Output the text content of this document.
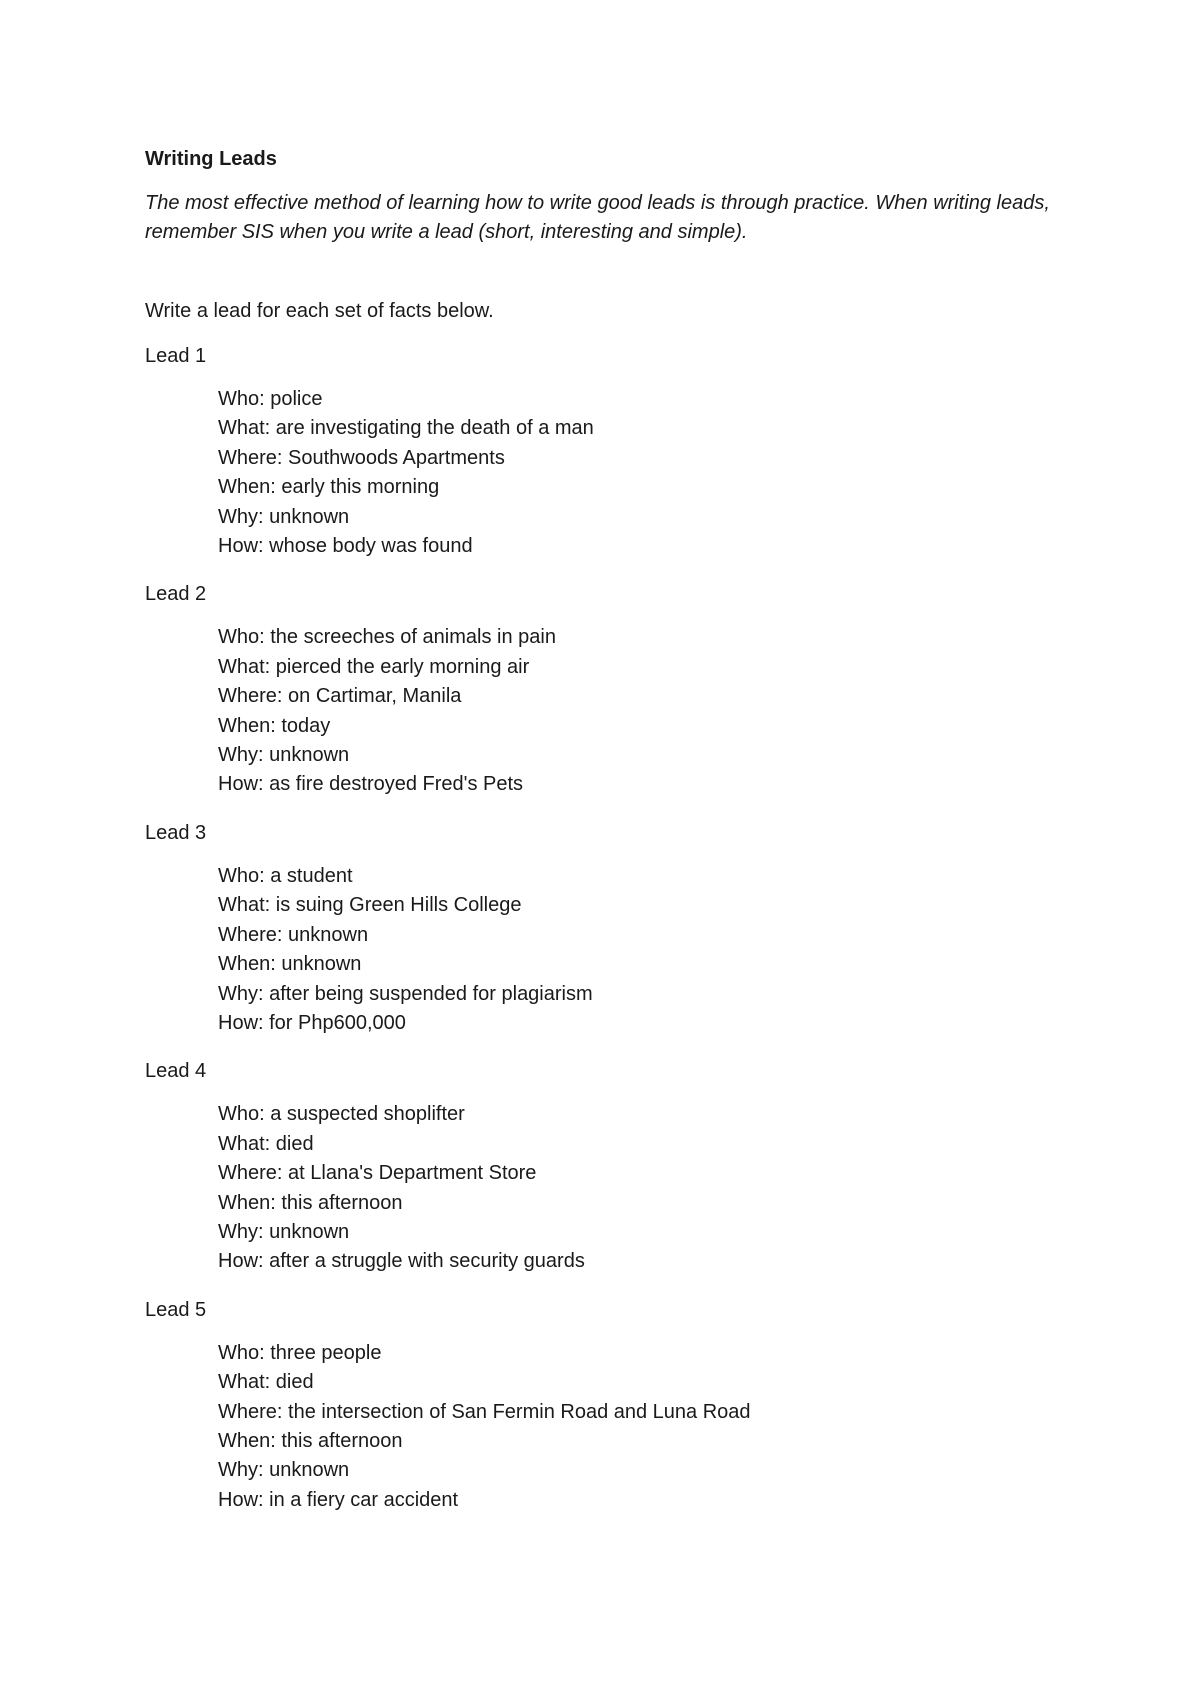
Writing Leads

The most effective method of learning how to write good leads is through practice. When writing leads, remember SIS when you write a lead (short, interesting and simple).

Write a lead for each set of facts below.

Lead 1

Who: police
What: are investigating the death of a man
Where: Southwoods Apartments
When: early this morning
Why: unknown
How: whose body was found

Lead 2

Who: the screeches of animals in pain
What: pierced the early morning air
Where: on Cartimar, Manila
When: today
Why: unknown
How: as fire destroyed Fred's Pets

Lead 3

Who: a student
What: is suing Green Hills College
Where: unknown
When: unknown
Why: after being suspended for plagiarism
How: for Php600,000

Lead 4

Who: a suspected shoplifter
What: died
Where: at Llana's Department Store
When: this afternoon
Why: unknown
How: after a struggle with security guards

Lead 5

Who: three people
What: died
Where: the intersection of San Fermin Road and Luna Road
When: this afternoon
Why: unknown
How: in a fiery car accident
